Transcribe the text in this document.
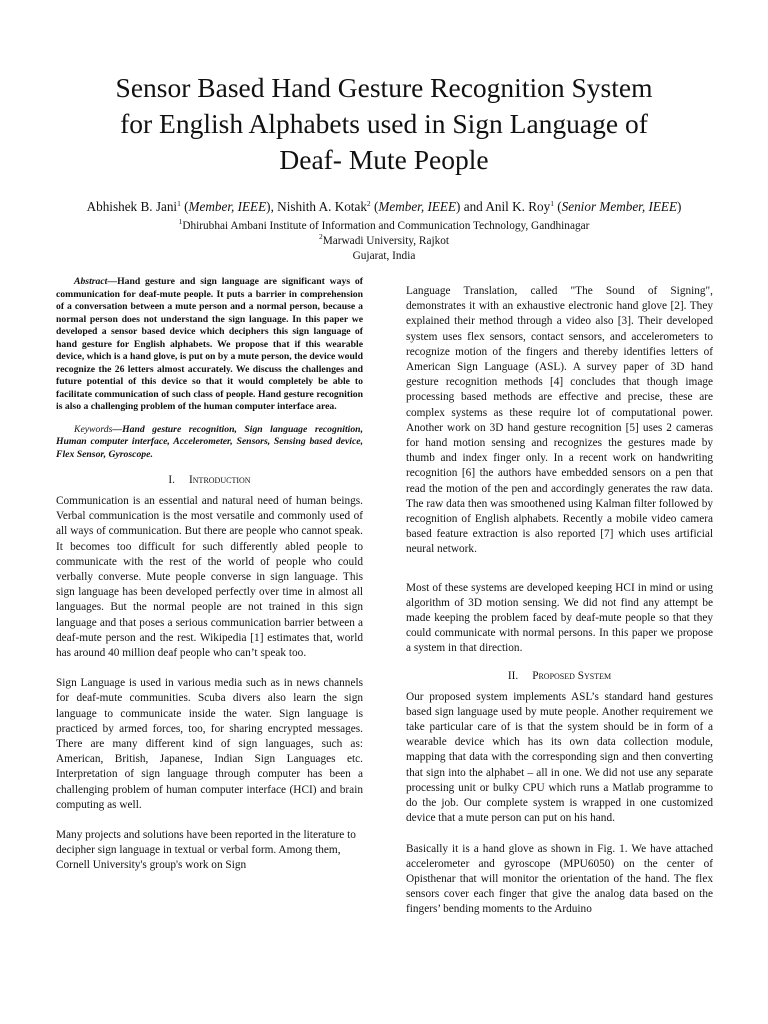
Sensor Based Hand Gesture Recognition System
for English Alphabets used in Sign Language of
Deaf- Mute People
Abhishek B. Jani$^1$ (Member, IEEE), Nishith A. Kotak$^2$ (Member, IEEE) and Anil K. Roy$^1$ (Senior Member, IEEE)
$^1$Dhirubhai Ambani Institute of Information and Communication Technology, Gandhinagar
$^2$Marwadi University, Rajkot
Gujarat, India

Abstract—Hand gesture and sign language are significant ways of communication for deaf-mute people. It puts a barrier in comprehension of a conversation between a mute person and a normal person, because a normal person does not understand the sign language. In this paper we developed a sensor based device which deciphers this sign language of hand gesture for English alphabets. We propose that if this wearable device, which is a hand glove, is put on by a mute person, the device would recognize the 26 letters almost accurately. We discuss the challenges and future potential of this device so that it would completely be able to facilitate communication of such class of people. Hand gesture recognition is also a challenging problem of the human computer interface area.

Keywords—Hand gesture recognition, Sign language recognition, Human computer interface, Accelerometer, Sensors, Sensing based device, Flex Sensor, Gyroscope.

I. Introduction

Communication is an essential and natural need of human beings. Verbal communication is the most versatile and commonly used of all ways of communication. But there are people who cannot speak. It becomes too difficult for such differently abled people to communicate with the rest of the world of people who could verbally converse. Mute people converse in sign language. This sign language has been developed perfectly over time in almost all languages. But the normal people are not trained in this sign language and that poses a serious communication barrier between a deaf-mute person and the rest. Wikipedia [1] estimates that, world has around 40 million deaf people who can’t speak too.

Sign Language is used in various media such as in news channels for deaf-mute communities. Scuba divers also learn the sign language to communicate inside the water. Sign language is practiced by armed forces, too, for sharing encrypted messages. There are many different kind of sign languages, such as: American, British, Japanese, Indian Sign Languages etc. Interpretation of sign language through computer has been a challenging problem of human computer interface (HCI) and brain computing as well.

Many projects and solutions have been reported in the literature to decipher sign language in textual or verbal form. Among them, Cornell University's group's work on Sign

Language Translation, called "The Sound of Signing", demonstrates it with an exhaustive electronic hand glove [2]. They explained their method through a video also [3]. Their developed system uses flex sensors, contact sensors, and accelerometers to recognize motion of the fingers and thereby identifies letters of American Sign Language (ASL). A survey paper of 3D hand gesture recognition methods [4] concludes that though image processing based methods are effective and precise, these are complex systems as these require lot of computational power. Another work on 3D hand gesture recognition [5] uses 2 cameras for hand motion sensing and recognizes the gestures made by thumb and index finger only. In a recent work on handwriting recognition [6] the authors have embedded sensors on a pen that read the motion of the pen and accordingly generates the raw data. The raw data then was smoothened using Kalman filter followed by recognition of English alphabets. Recently a mobile video camera based feature extraction is also reported [7] which uses artificial neural network.

Most of these systems are developed keeping HCI in mind or using algorithm of 3D motion sensing. We did not find any attempt be made keeping the problem faced by deaf-mute people so that they could communicate with normal persons. In this paper we propose a system in that direction.

II. Proposed System

Our proposed system implements ASL’s standard hand gestures based sign language used by mute people. Another requirement we take particular care of is that the system should be in form of a wearable device which has its own data collection module, mapping that data with the corresponding sign and then converting that sign into the alphabet – all in one. We did not use any separate processing unit or bulky CPU which runs a Matlab programme to do the job. Our complete system is wrapped in one customized device that a mute person can put on his hand.

Basically it is a hand glove as shown in Fig. 1. We have attached accelerometer and gyroscope (MPU6050) on the center of Opisthenar that will monitor the orientation of the hand. The flex sensors cover each finger that give the analog data based on the fingers’ bending moments to the Arduino
